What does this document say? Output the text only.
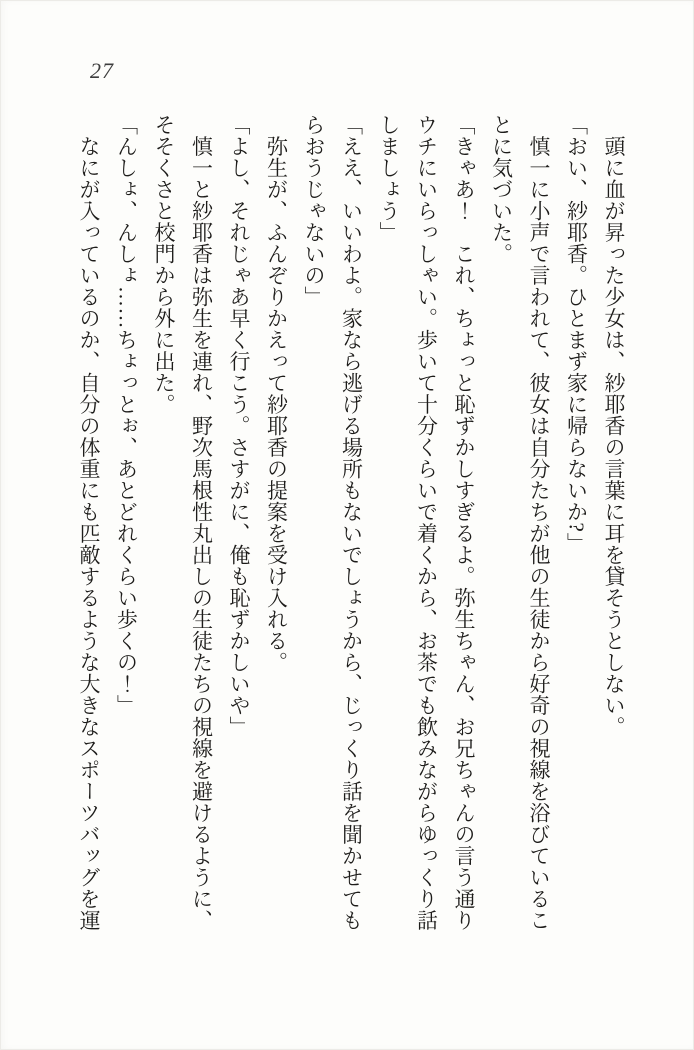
27

　頭に血が昇った少女は、紗耶香の言葉に耳を貸そうとしない。

「おい、紗耶香。ひとまず家に帰らないか?」

　慎一に小声で言われて、彼女は自分たちが他の生徒から好奇の視線を浴びていることに気づいた。

「きゃあ！　これ、ちょっと恥ずかしすぎるよ。弥生ちゃん、お兄ちゃんの言う通りウチにいらっしゃい。歩いて十分くらいで着くから、お茶でも飲みながらゆっくり話しましょう」

「ええ、いいわよ。家なら逃げる場所もないでしょうから、じっくり話を聞かせてもらおうじゃないの」

　弥生が、ふんぞりかえって紗耶香の提案を受け入れる。

「よし、それじゃあ早く行こう。さすがに、俺も恥ずかしいや」

　慎一と紗耶香は弥生を連れ、野次馬根性丸出しの生徒たちの視線を避けるように、そそくさと校門から外に出た。

「んしょ、んしょ……ちょっとぉ、あとどれくらい歩くの！」

　なにが入っているのか、自分の体重にも匹敵するような大きなスポーツバッグを運
